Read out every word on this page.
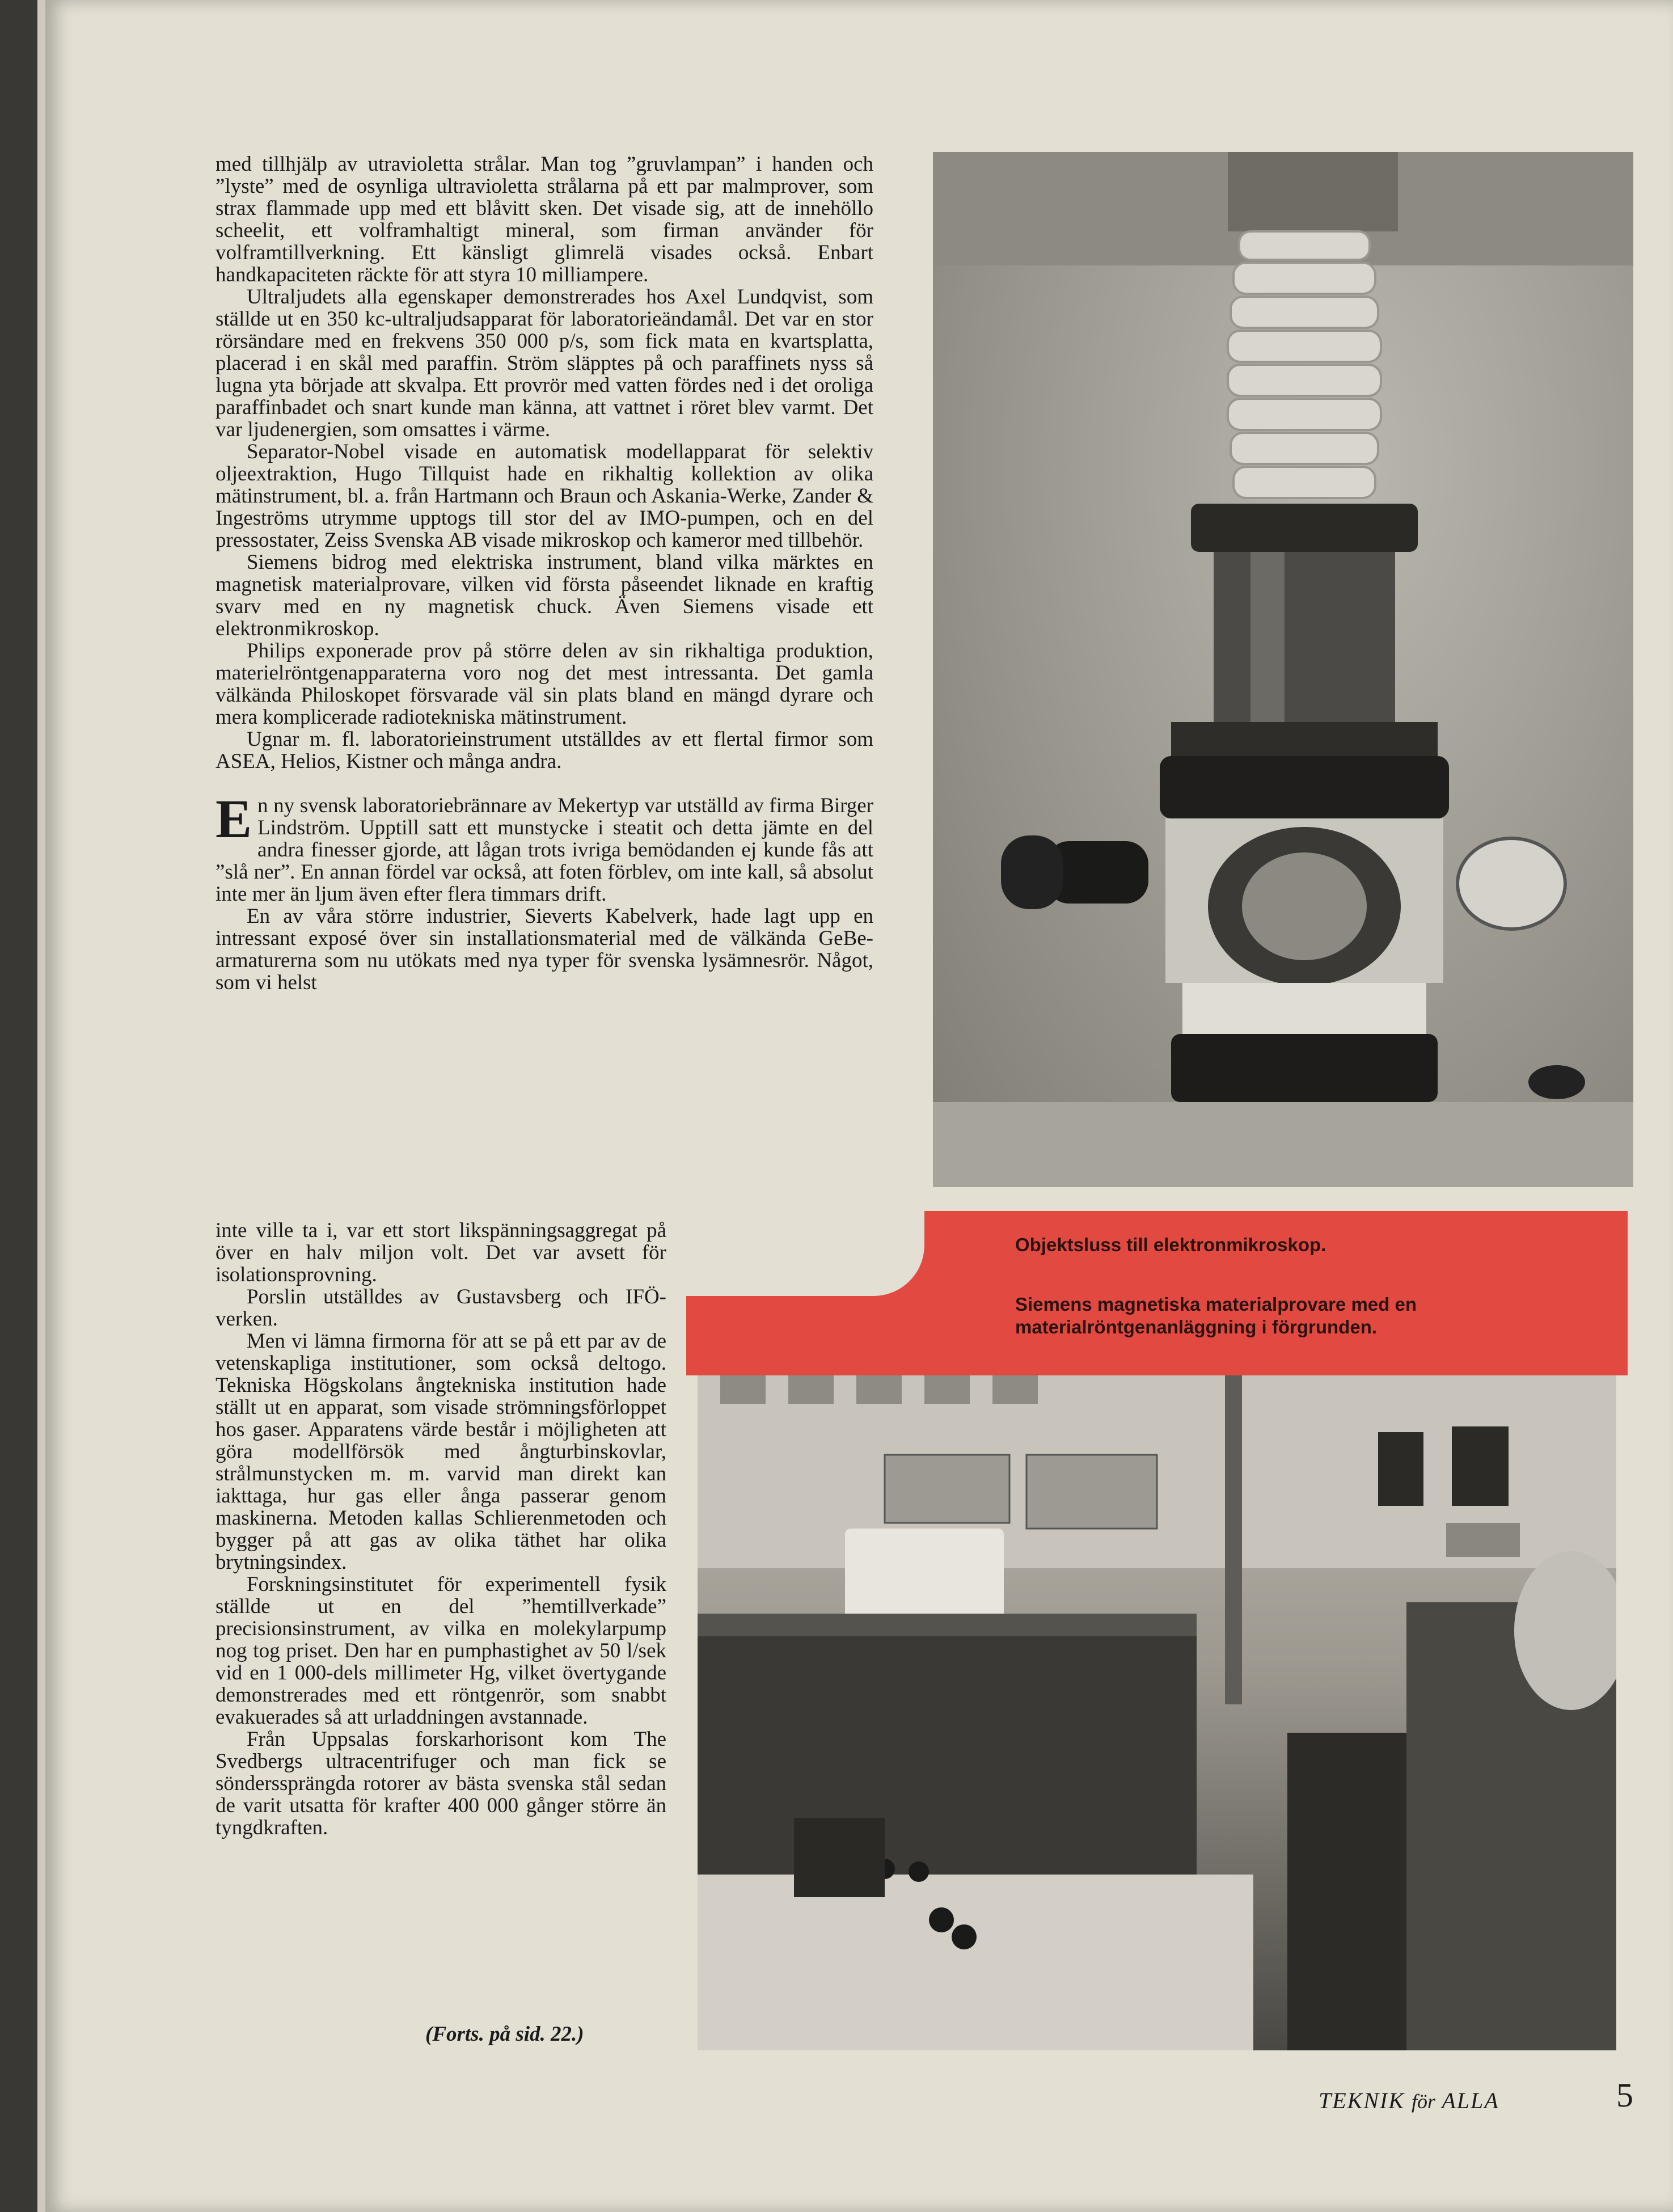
med tillhjälp av utravioletta strålar. Man tog ”gruvlampan” i handen och ”lyste” med de osynliga ultravioletta strålarna på ett par malmprover, som strax flammade upp med ett blåvitt sken. Det visade sig, att de innehöllo scheelit, ett volframhaltigt mineral, som firman använder för volframtillverkning. Ett känsligt glimrelä visades också. Enbart handkapaciteten räckte för att styra 10 milliampere.

Ultraljudets alla egenskaper demonstrerades hos Axel Lundqvist, som ställde ut en 350 kc-ultraljudsapparat för laboratorieändamål. Det var en stor rörsändare med en frekvens 350 000 p/s, som fick mata en kvartsplatta, placerad i en skål med paraffin. Ström släpptes på och paraffinets nyss så lugna yta började att skvalpa. Ett provrör med vatten fördes ned i det oroliga paraffinbadet och snart kunde man känna, att vattnet i röret blev varmt. Det var ljudenergien, som omsattes i värme.

Separator-Nobel visade en automatisk modellapparat för selektiv oljeextraktion, Hugo Tillquist hade en rikhaltig kollektion av olika mätinstrument, bl. a. från Hartmann och Braun och Askania-Werke, Zander & Ingeströms utrymme upptogs till stor del av IMO-pumpen, och en del pressostater, Zeiss Svenska AB visade mikroskop och kameror med tillbehör.

Siemens bidrog med elektriska instrument, bland vilka märktes en magnetisk materialprovare, vilken vid första påseendet liknade en kraftig svarv med en ny magnetisk chuck. Även Siemens visade ett elektronmikroskop.

Philips exponerade prov på större delen av sin rikhaltiga produktion, materielröntgenapparaterna voro nog det mest intressanta. Det gamla välkända Philoskopet försvarade väl sin plats bland en mängd dyrare och mera komplicerade radiotekniska mätinstrument.

Ugnar m. fl. laboratorieinstrument utställdes av ett flertal firmor som ASEA, Helios, Kistner och många andra.

En ny svensk laboratoriebrännare av Mekertyp var utställd av firma Birger Lindström. Upptill satt ett munstycke i steatit och detta jämte en del andra finesser gjorde, att lågan trots ivriga bemödanden ej kunde fås att ”slå ner”. En annan fördel var också, att foten förblev, om inte kall, så absolut inte mer än ljum även efter flera timmars drift.

En av våra större industrier, Sieverts Kabelverk, hade lagt upp en intressant exposé över sin installationsmaterial med de välkända GeBe-armaturerna som nu utökats med nya typer för svenska lysämnesrör. Något, som vi helst

inte ville ta i, var ett stort likspänningsaggregat på över en halv miljon volt. Det var avsett för isolationsprovning.

Porslin utställdes av Gustavsberg och IFÖ-verken.

Men vi lämna firmorna för att se på ett par av de vetenskapliga institutioner, som också deltogo. Tekniska Högskolans ångtekniska institution hade ställt ut en apparat, som visade strömningsförloppet hos gaser. Apparatens värde består i möjligheten att göra modellförsök med ångturbinskovlar, strålmunstycken m. m. varvid man direkt kan iakttaga, hur gas eller ånga passerar genom maskinerna. Metoden kallas Schlierenmetoden och bygger på att gas av olika täthet har olika brytningsindex.

Forskningsinstitutet för experimentell fysik ställde ut en del ”hemtillverkade” precisionsinstrument, av vilka en molekylarpump nog tog priset. Den har en pumphastighet av 50 l/sek vid en 1 000-dels millimeter Hg, vilket övertygande demonstrerades med ett röntgenrör, som snabbt evakuerades så att urladdningen avstannade.

Från Uppsalas forskarhorisont kom The Svedbergs ultracentrifuger och man fick se sönderssprängda rotorer av bästa svenska stål sedan de varit utsatta för krafter 400 000 gånger större än tyngdkraften.

Objektsluss till elektronmikroskop.
Siemens magnetiska materialprovare med en materialröntgenanläggning i förgrunden.
(Forts. på sid. 22.)
TEKNIK för ALLA	5
